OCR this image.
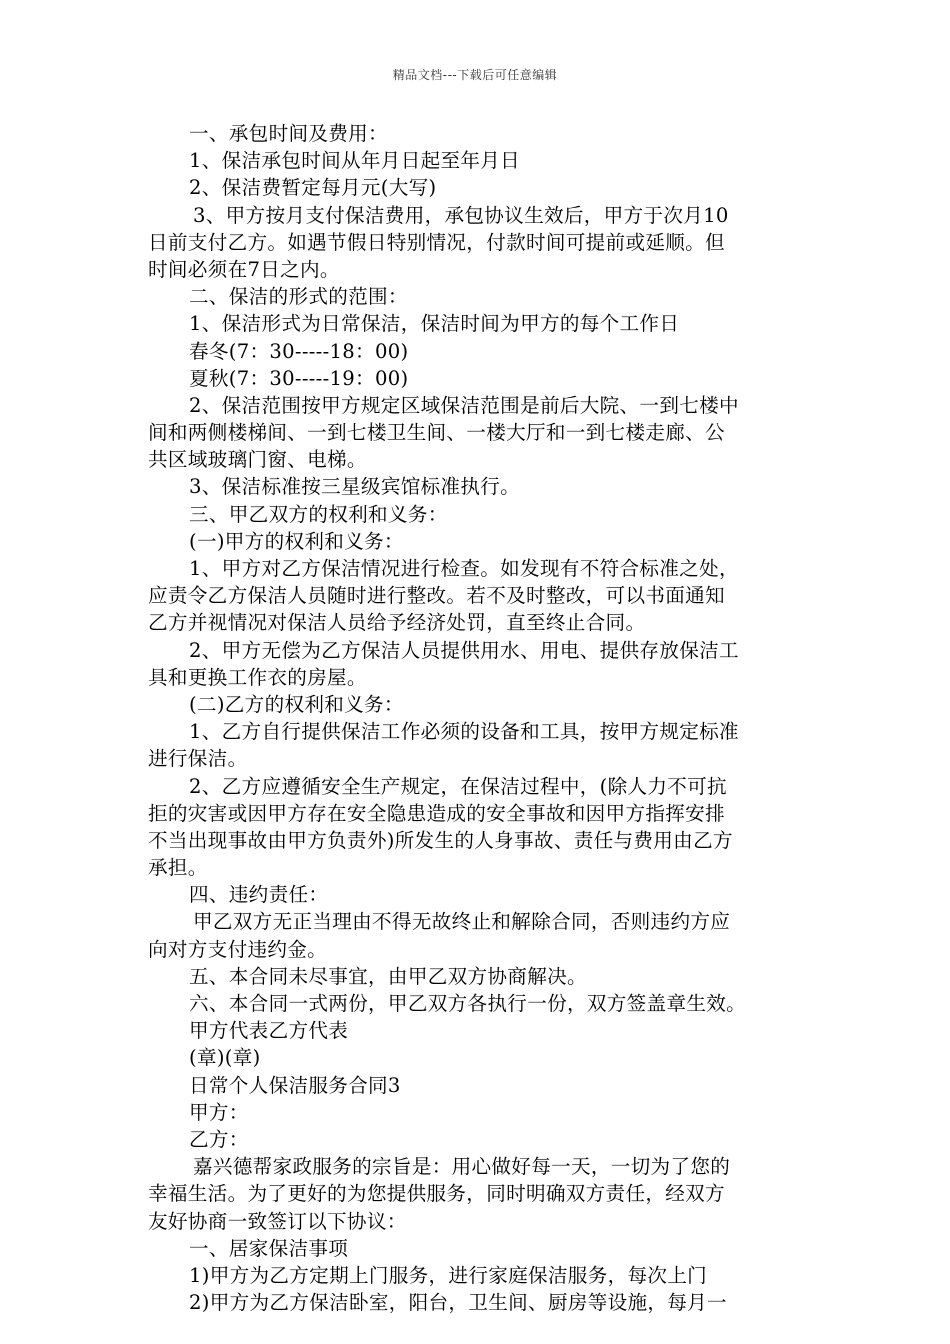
精品文档---下载后可任意编辑
一、承包时间及费用：
1、保洁承包时间从年月日起至年月日
2、保洁费暂定每月元(大写)
3、甲方按月支付保洁费用，承包协议生效后，甲方于次月10
日前支付乙方。如遇节假日特别情况，付款时间可提前或延顺。但
时间必须在7日之内。
二、保洁的形式的范围：
1、保洁形式为日常保洁，保洁时间为甲方的每个工作日
春冬(7：30-----18：00)
夏秋(7：30-----19：00)
2、保洁范围按甲方规定区域保洁范围是前后大院、一到七楼中
间和两侧楼梯间、一到七楼卫生间、一楼大厅和一到七楼走廊、公
共区域玻璃门窗、电梯。
3、保洁标准按三星级宾馆标准执行。
三、甲乙双方的权利和义务：
(一)甲方的权利和义务：
1、甲方对乙方保洁情况进行检查。如发现有不符合标准之处，
应责令乙方保洁人员随时进行整改。若不及时整改，可以书面通知
乙方并视情况对保洁人员给予经济处罚，直至终止合同。
2、甲方无偿为乙方保洁人员提供用水、用电、提供存放保洁工
具和更换工作衣的房屋。
(二)乙方的权利和义务：
1、乙方自行提供保洁工作必须的设备和工具，按甲方规定标准
进行保洁。
2、乙方应遵循安全生产规定，在保洁过程中，(除人力不可抗
拒的灾害或因甲方存在安全隐患造成的安全事故和因甲方指挥安排
不当出现事故由甲方负责外)所发生的人身事故、责任与费用由乙方
承担。
四、违约责任：
甲乙双方无正当理由不得无故终止和解除合同，否则违约方应
向对方支付违约金。
五、本合同未尽事宜，由甲乙双方协商解决。
六、本合同一式两份，甲乙双方各执行一份，双方签盖章生效。
甲方代表乙方代表
(章)(章)
日常个人保洁服务合同3
甲方：
乙方：
嘉兴德帮家政服务的宗旨是：用心做好每一天，一切为了您的
幸福生活。为了更好的为您提供服务，同时明确双方责任，经双方
友好协商一致签订以下协议：
一、居家保洁事项
1)甲方为乙方定期上门服务，进行家庭保洁服务，每次上门
2)甲方为乙方保洁卧室，阳台，卫生间、厨房等设施，每月一
